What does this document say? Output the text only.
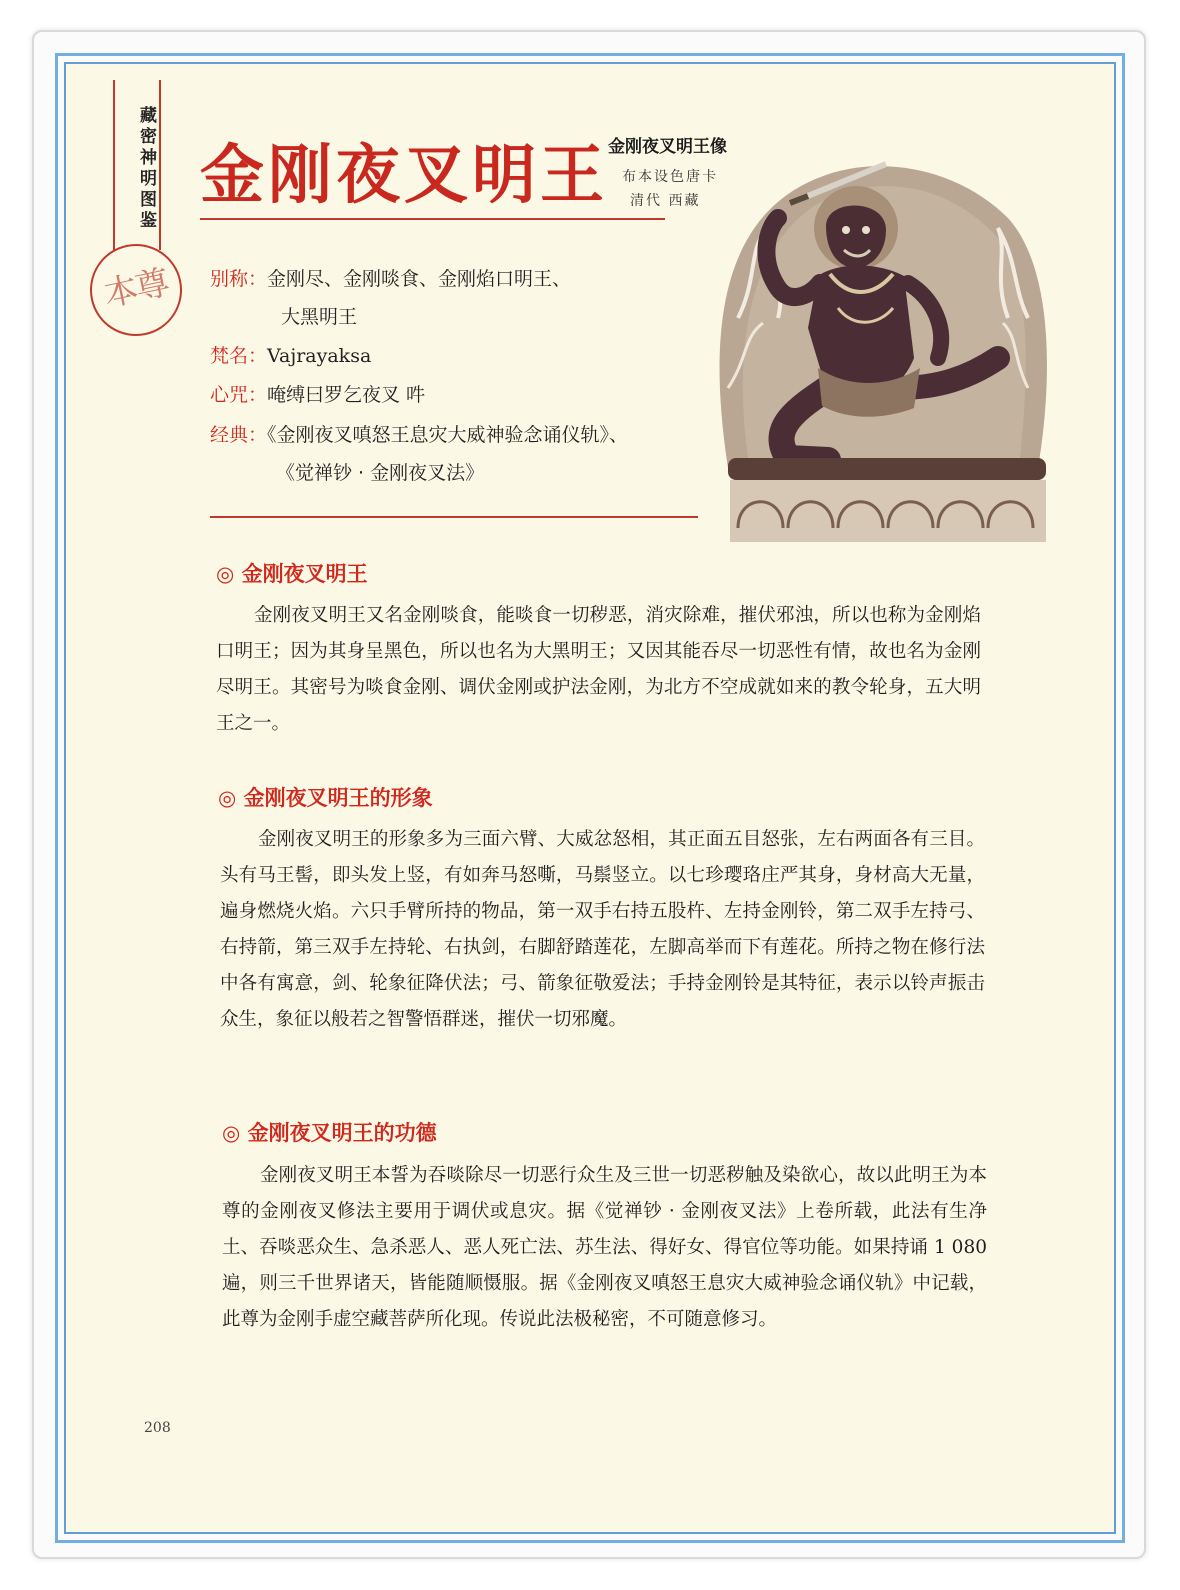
藏密神明图鉴
本尊
金刚夜叉明王 金刚夜叉明王像
布本设色唐卡
清代 西藏
别称：金刚尽、金刚啖食、金刚焰口明王、
大黑明王
梵名：Vajrayaksa
心咒：唵缚曰罗乞夜叉 吽
经典：《金刚夜叉嗔怒王息灾大威神验念诵仪轨》、
《觉禅钞 · 金刚夜叉法》
◎ 金刚夜叉明王

金刚夜叉明王又名金刚啖食，能啖食一切秽恶，消灾除难，摧伏邪浊，所以也称为金刚焰口明王；因为其身呈黑色，所以也名为大黑明王；又因其能吞尽一切恶性有情，故也名为金刚尽明王。其密号为啖食金刚、调伏金刚或护法金刚，为北方不空成就如来的教令轮身，五大明王之一。

◎ 金刚夜叉明王的形象

金刚夜叉明王的形象多为三面六臂、大威忿怒相，其正面五目怒张，左右两面各有三目。头有马王髻，即头发上竖，有如奔马怒嘶，马鬃竖立。以七珍璎珞庄严其身，身材高大无量，遍身燃烧火焰。六只手臂所持的物品，第一双手右持五股杵、左持金刚铃，第二双手左持弓、右持箭，第三双手左持轮、右执剑，右脚舒踏莲花，左脚高举而下有莲花。所持之物在修行法中各有寓意，剑、轮象征降伏法；弓、箭象征敬爱法；手持金刚铃是其特征，表示以铃声振击众生，象征以般若之智警悟群迷，摧伏一切邪魔。

◎ 金刚夜叉明王的功德

金刚夜叉明王本誓为吞啖除尽一切恶行众生及三世一切恶秽触及染欲心，故以此明王为本尊的金刚夜叉修法主要用于调伏或息灾。据《觉禅钞 · 金刚夜叉法》上卷所载，此法有生净土、吞啖恶众生、急杀恶人、恶人死亡法、苏生法、得好女、得官位等功能。如果持诵 1 080 遍，则三千世界诸天，皆能随顺慑服。据《金刚夜叉嗔怒王息灾大威神验念诵仪轨》中记载，此尊为金刚手虚空藏菩萨所化现。传说此法极秘密，不可随意修习。

208
